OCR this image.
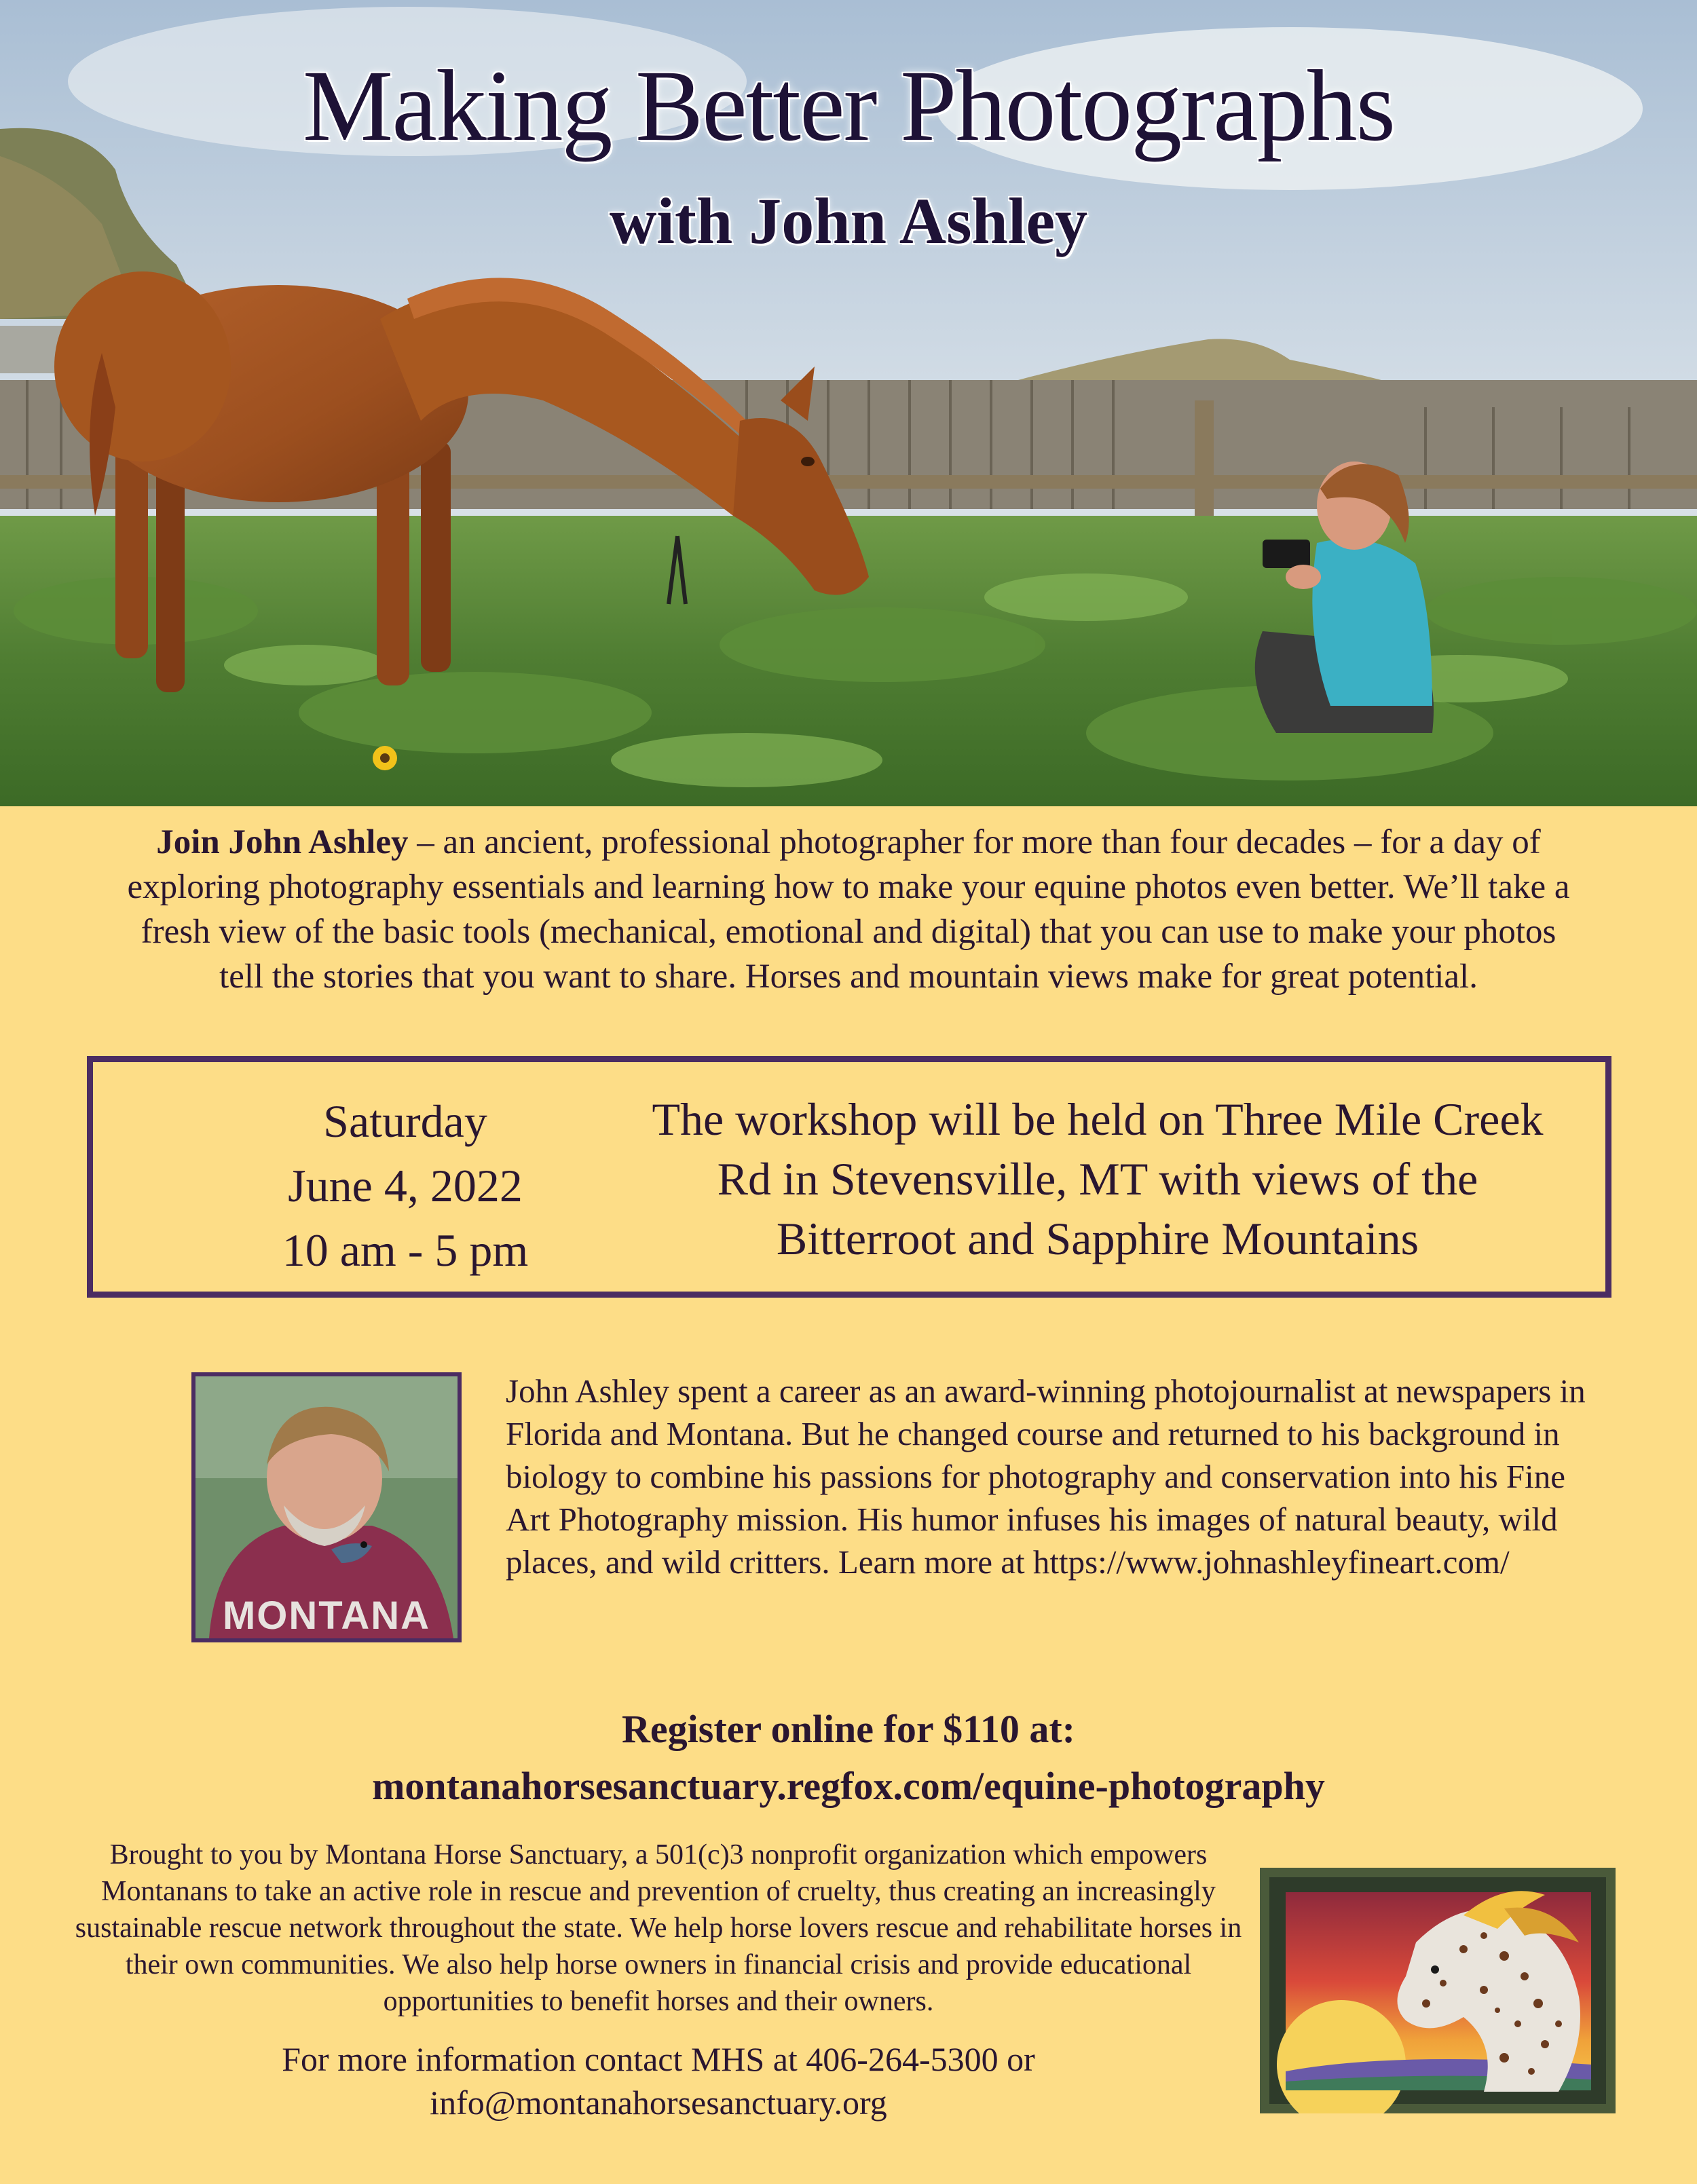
Making Better Photographs
with John Ashley
Join John Ashley – an ancient, professional photographer for more than four decades – for a day of exploring photography essentials and learning how to make your equine photos even better. We’ll take a fresh view of the basic tools (mechanical, emotional and digital) that you can use to make your photos tell the stories that you want to share. Horses and mountain views make for great potential.
Saturday
June 4, 2022
10 am - 5 pm
The workshop will be held on Three Mile Creek Rd in Stevensville, MT with views of the Bitterroot and Sapphire Mountains
MONTANA
John Ashley spent a career as an award-winning photojournalist at newspapers in Florida and Montana. But he changed course and returned to his background in biology to combine his passions for photography and conservation into his Fine Art Photography mission. His humor infuses his images of natural beauty, wild places, and wild critters. Learn more at https://www.johnashleyfineart.com/
Register online for $110 at:
montanahorsesanctuary.regfox.com/equine-photography
Brought to you by Montana Horse Sanctuary, a 501(c)3 nonprofit organization which empowers Montanans to take an active role in rescue and prevention of cruelty, thus creating an increasingly sustainable rescue network throughout the state. We help horse lovers rescue and rehabilitate horses in their own communities. We also help horse owners in financial crisis and provide educational opportunities to benefit horses and their owners.
For more information contact MHS at 406-264-5300 or
info@montanahorsesanctuary.org
